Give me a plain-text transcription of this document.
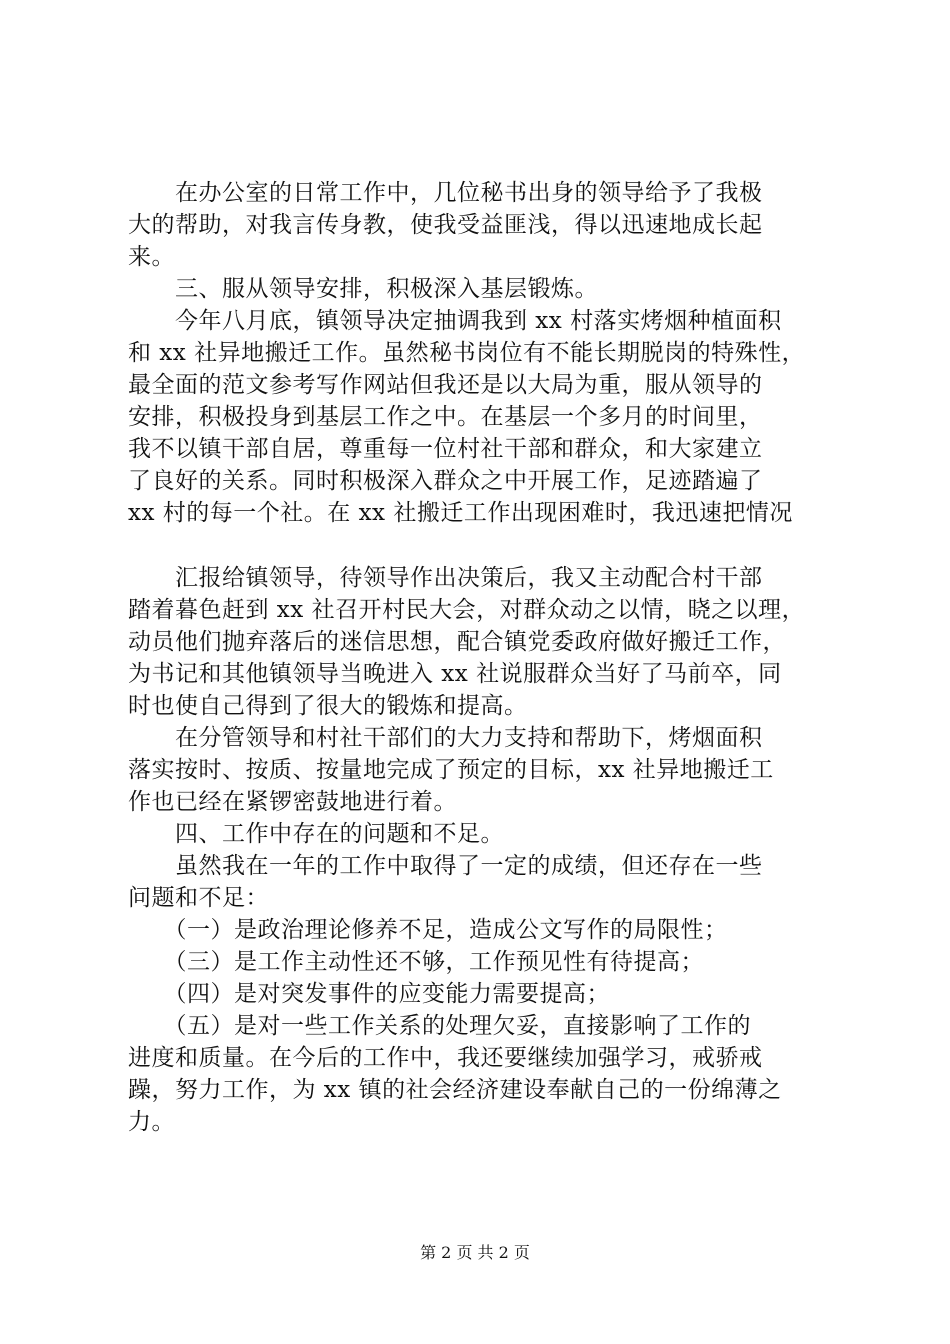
　　在办公室的日常工作中，几位秘书出身的领导给予了我极
大的帮助，对我言传身教，使我受益匪浅，得以迅速地成长起
来。
　　三、服从领导安排，积极深入基层锻炼。
　　今年八月底，镇领导决定抽调我到 xx 村落实烤烟种植面积
和 xx 社异地搬迁工作。虽然秘书岗位有不能长期脱岗的特殊性，
最全面的范文参考写作网站但我还是以大局为重，服从领导的
安排，积极投身到基层工作之中。在基层一个多月的时间里，
我不以镇干部自居，尊重每一位村社干部和群众，和大家建立
了良好的关系。同时积极深入群众之中开展工作，足迹踏遍了
xx 村的每一个社。在 xx 社搬迁工作出现困难时，我迅速把情况
　　汇报给镇领导，待领导作出决策后，我又主动配合村干部
踏着暮色赶到 xx 社召开村民大会，对群众动之以情，晓之以理，
动员他们抛弃落后的迷信思想，配合镇党委政府做好搬迁工作，
为书记和其他镇领导当晚进入 xx 社说服群众当好了马前卒，同
时也使自己得到了很大的锻炼和提高。
　　在分管领导和村社干部们的大力支持和帮助下，烤烟面积
落实按时、按质、按量地完成了预定的目标，xx 社异地搬迁工
作也已经在紧锣密鼓地进行着。
　　四、工作中存在的问题和不足。
　　虽然我在一年的工作中取得了一定的成绩，但还存在一些
问题和不足：
　　（一）是政治理论修养不足，造成公文写作的局限性；
　　（三）是工作主动性还不够，工作预见性有待提高；
　　（四）是对突发事件的应变能力需要提高；
　　（五）是对一些工作关系的处理欠妥，直接影响了工作的
进度和质量。在今后的工作中，我还要继续加强学习，戒骄戒
躁，努力工作，为 xx 镇的社会经济建设奉献自己的一份绵薄之
力。
第 2 页 共 2 页
